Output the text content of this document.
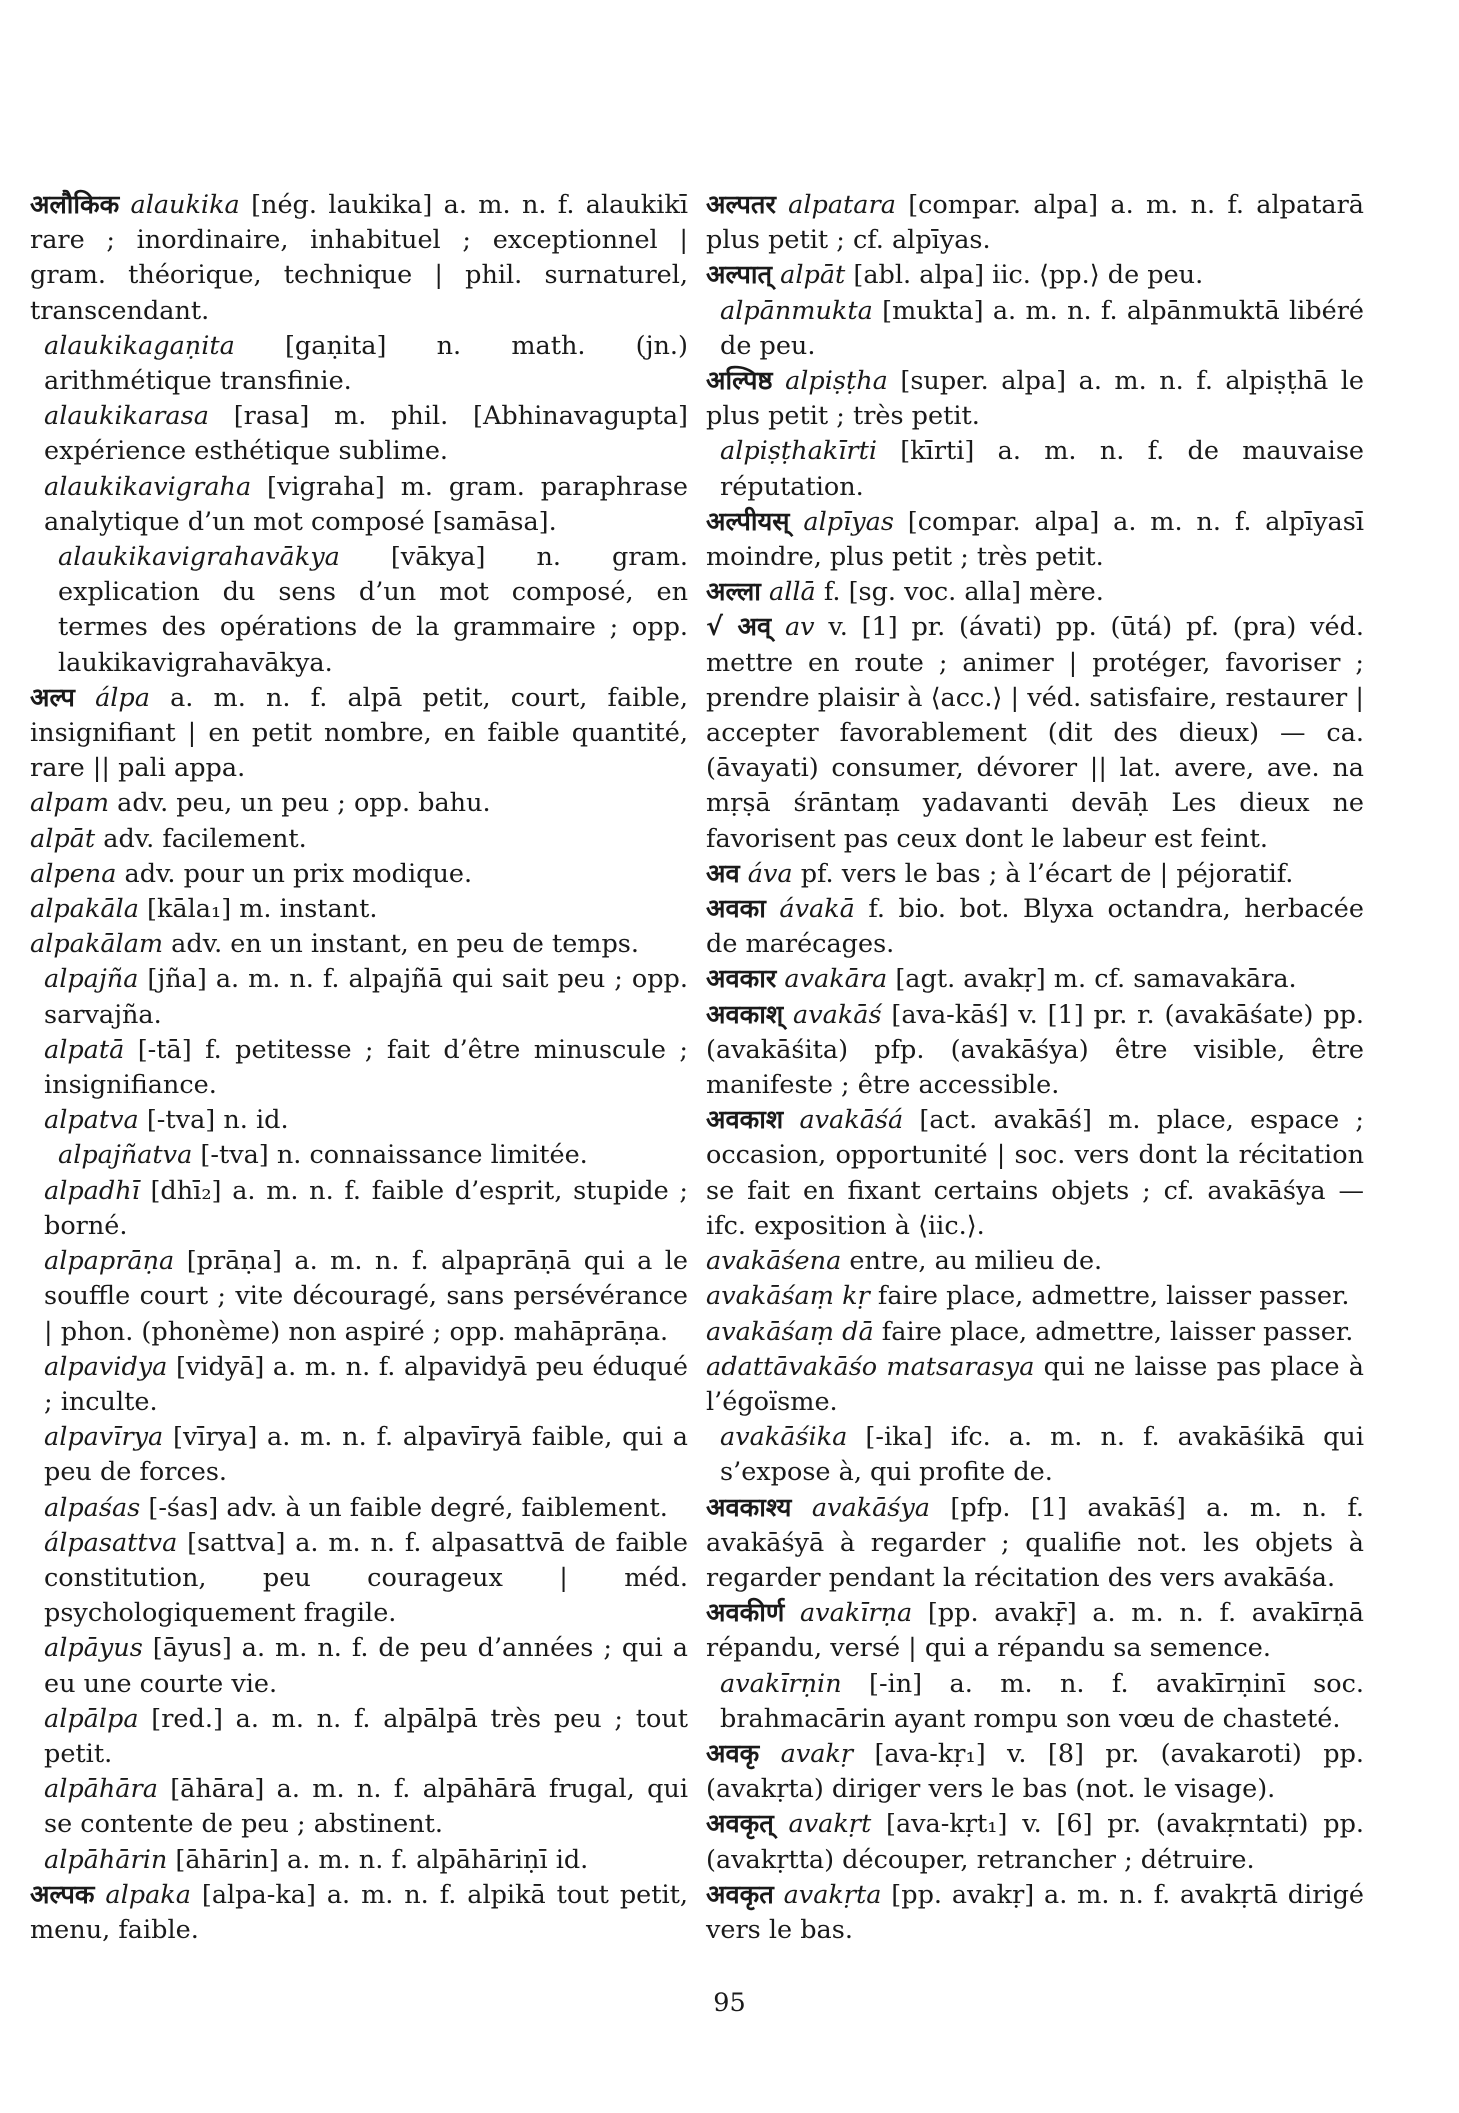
अलौकिक alaukika [nég. laukika] a. m. n. f. alaukikī rare ; inordinaire, inhabituel ; exceptionnel | gram. théorique, technique | phil. surnaturel, transcendant.

alaukikagaṇita [gaṇita] n. math. (jn.) arithmétique transfinie.

alaukikarasa [rasa] m. phil. [Abhinavagupta] expérience esthétique sublime.

alaukikavigraha [vigraha] m. gram. paraphrase analytique d’un mot composé [samāsa].

alaukikavigrahavākya [vākya] n. gram. explication du sens d’un mot composé, en termes des opérations de la grammaire ; opp. laukikavigrahavākya.

अल्प álpa a. m. n. f. alpā petit, court, faible, insignifiant | en petit nombre, en faible quantité, rare || pali appa.

alpam adv. peu, un peu ; opp. bahu.

alpāt adv. facilement.

alpena adv. pour un prix modique.

alpakāla [kāla₁] m. instant.

alpakālam adv. en un instant, en peu de temps.

alpajña [jña] a. m. n. f. alpajñā qui sait peu ; opp. sarvajña.

alpatā [-tā] f. petitesse ; fait d’être minuscule ; insignifiance.

alpatva [-tva] n. id.

alpajñatva [-tva] n. connaissance limitée.

alpadhī [dhī₂] a. m. n. f. faible d’esprit, stupide ; borné.

alpaprāṇa [prāṇa] a. m. n. f. alpaprāṇā qui a le souffle court ; vite découragé, sans persévérance | phon. (phonème) non aspiré ; opp. mahāprāṇa.

alpavidya [vidyā] a. m. n. f. alpavidyā peu éduqué ; inculte.

alpavīrya [vīrya] a. m. n. f. alpavīryā faible, qui a peu de forces.

alpaśas [-śas] adv. à un faible degré, faiblement.

álpasattva [sattva] a. m. n. f. alpasattvā de faible constitution, peu courageux | méd. psychologiquement fragile.

alpāyus [āyus] a. m. n. f. de peu d’années ; qui a eu une courte vie.

alpālpa [red.] a. m. n. f. alpālpā très peu ; tout petit.

alpāhāra [āhāra] a. m. n. f. alpāhārā frugal, qui se contente de peu ; abstinent.

alpāhārin [āhārin] a. m. n. f. alpāhāriṇī id.

अल्पक alpaka [alpa-ka] a. m. n. f. alpikā tout petit, menu, faible.

अल्पतर alpatara [compar. alpa] a. m. n. f. alpatarā plus petit ; cf. alpīyas.

अल्पात् alpāt [abl. alpa] iic. ⟨pp.⟩ de peu.

alpānmukta [mukta] a. m. n. f. alpānmuktā libéré de peu.

अल्पिष्ठ alpiṣṭha [super. alpa] a. m. n. f. alpiṣṭhā le plus petit ; très petit.

alpiṣṭhakīrti [kīrti] a. m. n. f. de mauvaise réputation.

अल्पीयस् alpīyas [compar. alpa] a. m. n. f. alpīyasī moindre, plus petit ; très petit.

अल्ला allā f. [sg. voc. alla] mère.

√ अव् av v. [1] pr. (ávati) pp. (ūtá) pf. (pra) véd. mettre en route ; animer | protéger, favoriser ; prendre plaisir à ⟨acc.⟩ | véd. satisfaire, restaurer | accepter favorablement (dit des dieux) — ca. (āvayati) consumer, dévorer || lat. avere, ave. na mṛṣā śrāntaṃ yadavanti devāḥ Les dieux ne favorisent pas ceux dont le labeur est feint.

अव áva pf. vers le bas ; à l’écart de | péjoratif.

अवका ávakā f. bio. bot. Blyxa octandra, herbacée de marécages.

अवकार avakāra [agt. avakṛ] m. cf. samavakāra.

अवकाश् avakāś [ava-kāś] v. [1] pr. r. (avakāśate) pp. (avakāśita) pfp. (avakāśya) être visible, être manifeste ; être accessible.

अवकाश avakāśá [act. avakāś] m. place, espace ; occasion, opportunité | soc. vers dont la récitation se fait en fixant certains objets ; cf. avakāśya — ifc. exposition à ⟨iic.⟩.

avakāśena entre, au milieu de.

avakāśaṃ kṛ faire place, admettre, laisser passer.

avakāśaṃ dā faire place, admettre, laisser passer.

adattāvakāśo matsarasya qui ne laisse pas place à l’égoïsme.

avakāśika [-ika] ifc. a. m. n. f. avakāśikā qui s’expose à, qui profite de.

अवकाश्य avakāśya [pfp. [1] avakāś] a. m. n. f. avakāśyā à regarder ; qualifie not. les objets à regarder pendant la récitation des vers avakāśa.

अवकीर्ण avakīrṇa [pp. avakṝ] a. m. n. f. avakīrṇā répandu, versé | qui a répandu sa semence.

avakīrṇin [-in] a. m. n. f. avakīrṇinī soc. brahmacārin ayant rompu son vœu de chasteté.

अवकृ avakṛ [ava-kṛ₁] v. [8] pr. (avakaroti) pp. (avakṛta) diriger vers le bas (not. le visage).

अवकृत् avakṛt [ava-kṛt₁] v. [6] pr. (avakṛntati) pp. (avakṛtta) découper, retrancher ; détruire.

अवकृत avakṛta [pp. avakṛ] a. m. n. f. avakṛtā dirigé vers le bas.

95
